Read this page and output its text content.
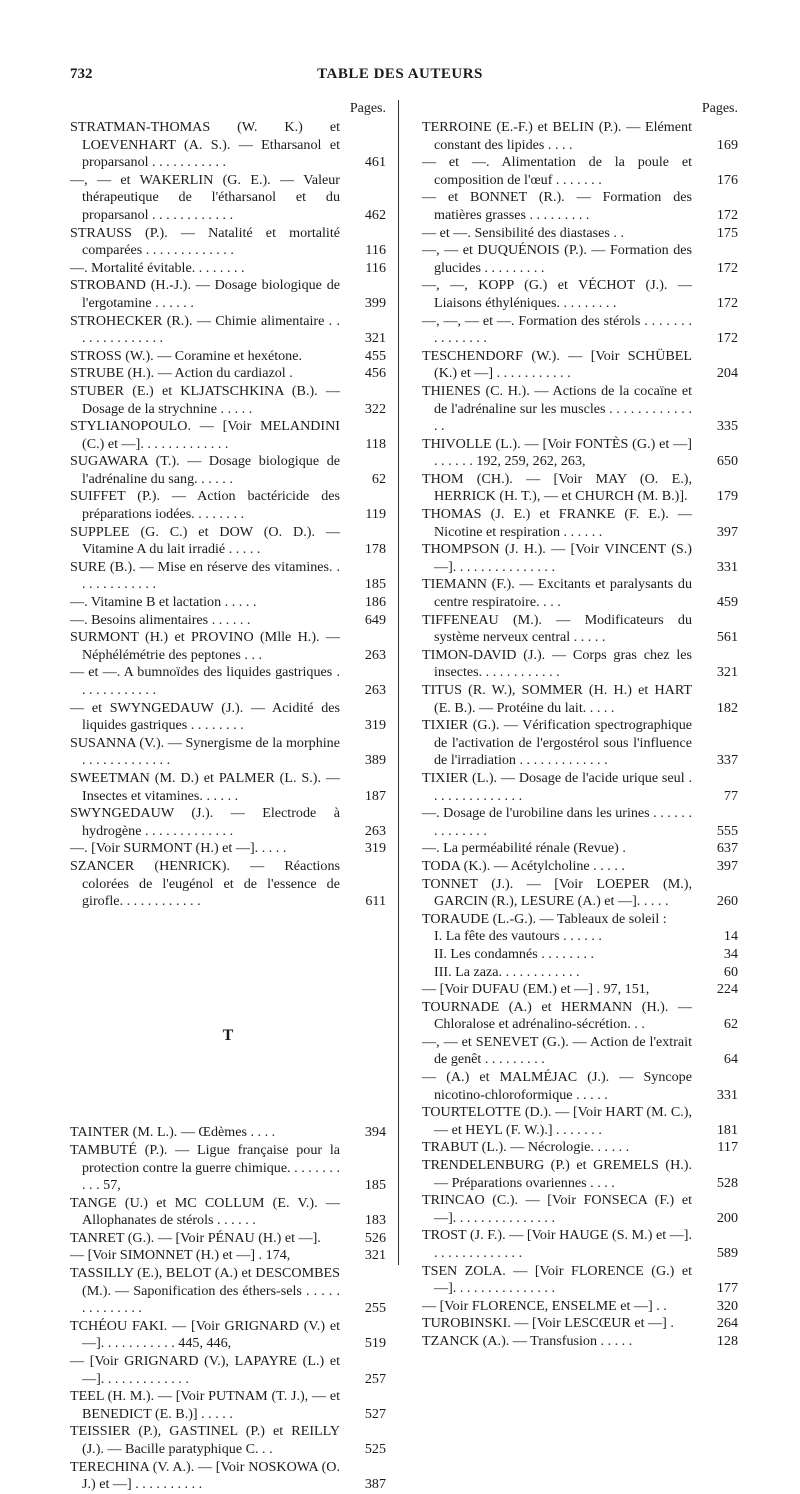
732	TABLE DES AUTEURS
Pages.
STRATMAN-THOMAS (W. K.) et LOEVENHART (A. S.). — Etharsanol et proparsanol . . . . . . . . . . .	461
—, — et WAKERLIN (G. E.). — Valeur thérapeutique de l'étharsanol et du proparsanol . . . . . . . . . . . .	462
STRAUSS (P.). — Natalité et mortalité comparées . . . . . . . . . . . . .	116
—. Mortalité évitable. . . . . . . .	116
STROBAND (H.-J.). — Dosage biologique de l'ergotamine . . . . . .	399
STROHECKER (R.). — Chimie alimentaire . . . . . . . . . . . . . .	321
STROSS (W.). — Coramine et hexétone.	455
STRUBE (H.). — Action du cardiazol .	456
STUBER (E.) et KLJATSCHKINA (B.). — Dosage de la strychnine . . . . .	322
STYLIANOPOULO. — [Voir MELANDINI (C.) et —]. . . . . . . . . . . . .	118
SUGAWARA (T.). — Dosage biologique de l'adrénaline du sang. . . . . .	62
SUIFFET (P.). — Action bactéricide des préparations iodées. . . . . . . .	119
SUPPLEE (G. C.) et DOW (O. D.). — Vitamine A du lait irradié . . . . .	178
SURE (B.). — Mise en réserve des vitamines. . . . . . . . . . . . .	185
—. Vitamine B et lactation . . . . .	186
—. Besoins alimentaires . . . . . .	649
SURMONT (H.) et PROVINO (Mlle H.). — Néphélémétrie des peptones . . .	263
— et —. A bumnoïdes des liquides gastriques . . . . . . . . . . . .	263
— et SWYNGEDAUW (J.). — Acidité des liquides gastriques . . . . . . . .	319
SUSANNA (V.). — Synergisme de la morphine . . . . . . . . . . . . .	389
SWEETMAN (M. D.) et PALMER (L. S.). — Insectes et vitamines. . . . . .	187
SWYNGEDAUW (J.). — Electrode à hydrogène . . . . . . . . . . . . .	263
—. [Voir SURMONT (H.) et —]. . . . .	319
SZANCER (HENRICK). — Réactions colorées de l'eugénol et de l'essence de girofle. . . . . . . . . . . .	611
T
TAINTER (M. L.). — Œdèmes . . . .	394
TAMBUTÉ (P.). — Ligue française pour la protection contre la guerre chimique. . . . . . . . . . . 57,	185
TANGE (U.) et MC COLLUM (E. V.). — Allophanates de stérols . . . . . .	183
TANRET (G.). — [Voir PÉNAU (H.) et —].	526
— [Voir SIMONNET (H.) et —] . 174,	321
TASSILLY (E.), BELOT (A.) et DESCOMBES (M.). — Saponification des éthers-sels . . . . . . . . . . . . . .	255
TCHÉOU FAKI. — [Voir GRIGNARD (V.) et —]. . . . . . . . . . . 445, 446,	519
— [Voir GRIGNARD (V.), LAPAYRE (L.) et —]. . . . . . . . . . . . .	257
TEEL (H. M.). — [Voir PUTNAM (T. J.), — et BENEDICT (E. B.)] . . . . .	527
TEISSIER (P.), GASTINEL (P.) et REILLY (J.). — Bacille paratyphique C. . .	525
TERECHINA (V. A.). — [Voir NOSKOWA (O. J.) et —] . . . . . . . . . .	387
Pages.
TERROINE (E.-F.) et BELIN (P.). — Elément constant des lipides . . . .	169
— et —. Alimentation de la poule et composition de l'œuf . . . . . . .	176
— et BONNET (R.). — Formation des matières grasses . . . . . . . . .	172
— et —. Sensibilité des diastases . .	175
—, — et DUQUÉNOIS (P.). — Formation des glucides . . . . . . . . .	172
—, —, KOPP (G.) et VÉCHOT (J.). — Liaisons éthyléniques. . . . . . . . .	172
—, —, — et —. Formation des stérols . . . . . . . . . . . . . . .	172
TESCHENDORF (W.). — [Voir SCHÜBEL (K.) et —] . . . . . . . . . . .	204
THIENES (C. H.). — Actions de la cocaïne et de l'adrénaline sur les muscles . . . . . . . . . . . . . .	335
THIVOLLE (L.). — [Voir FONTÈS (G.) et —] . . . . . . 192, 259, 262, 263,	650
THOM (CH.). — [Voir MAY (O. E.), HERRICK (H. T.), — et CHURCH (M. B.)]. 179
THOMAS (J. E.) et FRANKE (F. E.). — Nicotine et respiration . . . . . .	397
THOMPSON (J. H.). — [Voir VINCENT (S.) —]. . . . . . . . . . . . . . .	331
TIEMANN (F.). — Excitants et paralysants du centre respiratoire. . . .	459
TIFFENEAU (M.). — Modificateurs du système nerveux central . . . . .	561
TIMON-DAVID (J.). — Corps gras chez les insectes. . . . . . . . . . . .	321
TITUS (R. W.), SOMMER (H. H.) et HART (E. B.). — Protéine du lait. . . . .	182
TIXIER (G.). — Vérification spectrographique de l'activation de l'ergostérol sous l'influence de l'irradiation . . . . . . . . . . . . .	337
TIXIER (L.). — Dosage de l'acide urique seul . . . . . . . . . . . . . .	77
—. Dosage de l'urobiline dans les urines . . . . . . . . . . . . . .	555
—. La perméabilité rénale (Revue) .	637
TODA (K.). — Acétylcholine . . . . .	397
TONNET (J.). — [Voir LOEPER (M.), GARCIN (R.), LESURE (A.) et —]. . . . .	260
TORAUDE (L.-G.). — Tableaux de soleil :
I. La fête des vautours . . . . . .	14
II. Les condamnés . . . . . . . .	34
III. La zaza. . . . . . . . . . . .	60
— [Voir DUFAU (EM.) et —] . 97, 151,	224
TOURNADE (A.) et HERMANN (H.). — Chloralose et adrénalino-sécrétion. . .	62
—, — et SENEVET (G.). — Action de l'extrait de genêt . . . . . . . . .	64
— (A.) et MALMÉJAC (J.). — Syncope nicotino-chloroformique . . . . .	331
TOURTELOTTE (D.). — [Voir HART (M. C.), — et HEYL (F. W.).] . . . . . . .	181
TRABUT (L.). — Nécrologie. . . . . .	117
TRENDELENBURG (P.) et GREMELS (H.). — Préparations ovariennes . . . .	528
TRINCAO (C.). — [Voir FONSECA (F.) et —]. . . . . . . . . . . . . . .	200
TROST (J. F.). — [Voir HAUGE (S. M.) et —]. . . . . . . . . . . . . .	589
TSEN ZOLA. — [Voir FLORENCE (G.) et —]. . . . . . . . . . . . . . .	177
— [Voir FLORENCE, ENSELME et —] . .	320
TUROBINSKI. — [Voir LESCŒUR et —] .	264
TZANCK (A.). — Transfusion . . . . .	128
